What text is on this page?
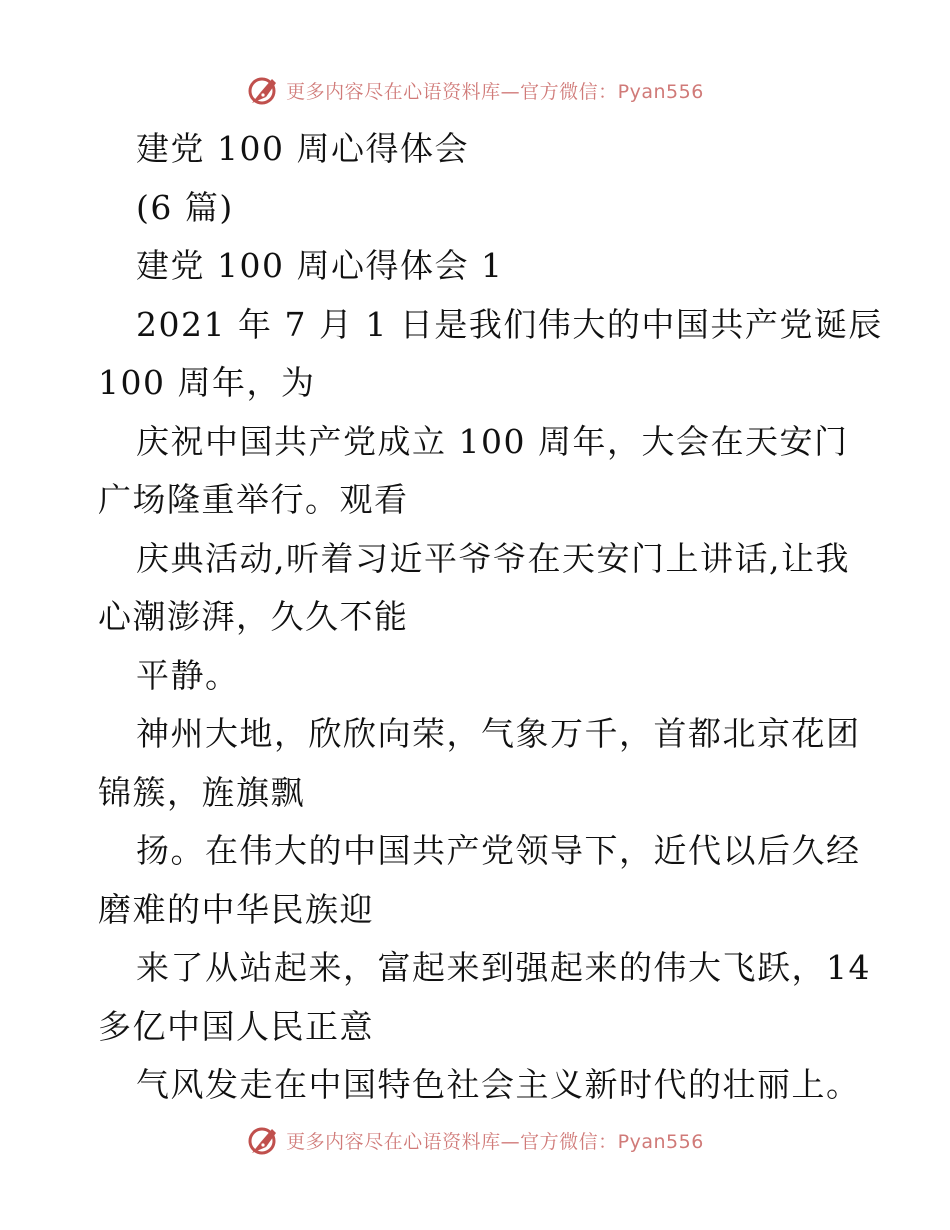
更多内容尽在心语资料库—官方微信：Pyan556
建党 100 周心得体会
(6 篇)
建党 100 周心得体会 1
2021 年 7 月 1 日是我们伟大的中国共产党诞辰
100 周年，为
庆祝中国共产党成立 100 周年，大会在天安门
广场隆重举行。观看
庆典活动,听着习近平爷爷在天安门上讲话,让我
心潮澎湃，久久不能
平静。
神州大地，欣欣向荣，气象万千，首都北京花团
锦簇，旌旗飘
扬。在伟大的中国共产党领导下，近代以后久经
磨难的中华民族迎
来了从站起来，富起来到强起来的伟大飞跃，14
多亿中国人民正意
气风发走在中国特色社会主义新时代的壮丽上。
更多内容尽在心语资料库—官方微信：Pyan556
